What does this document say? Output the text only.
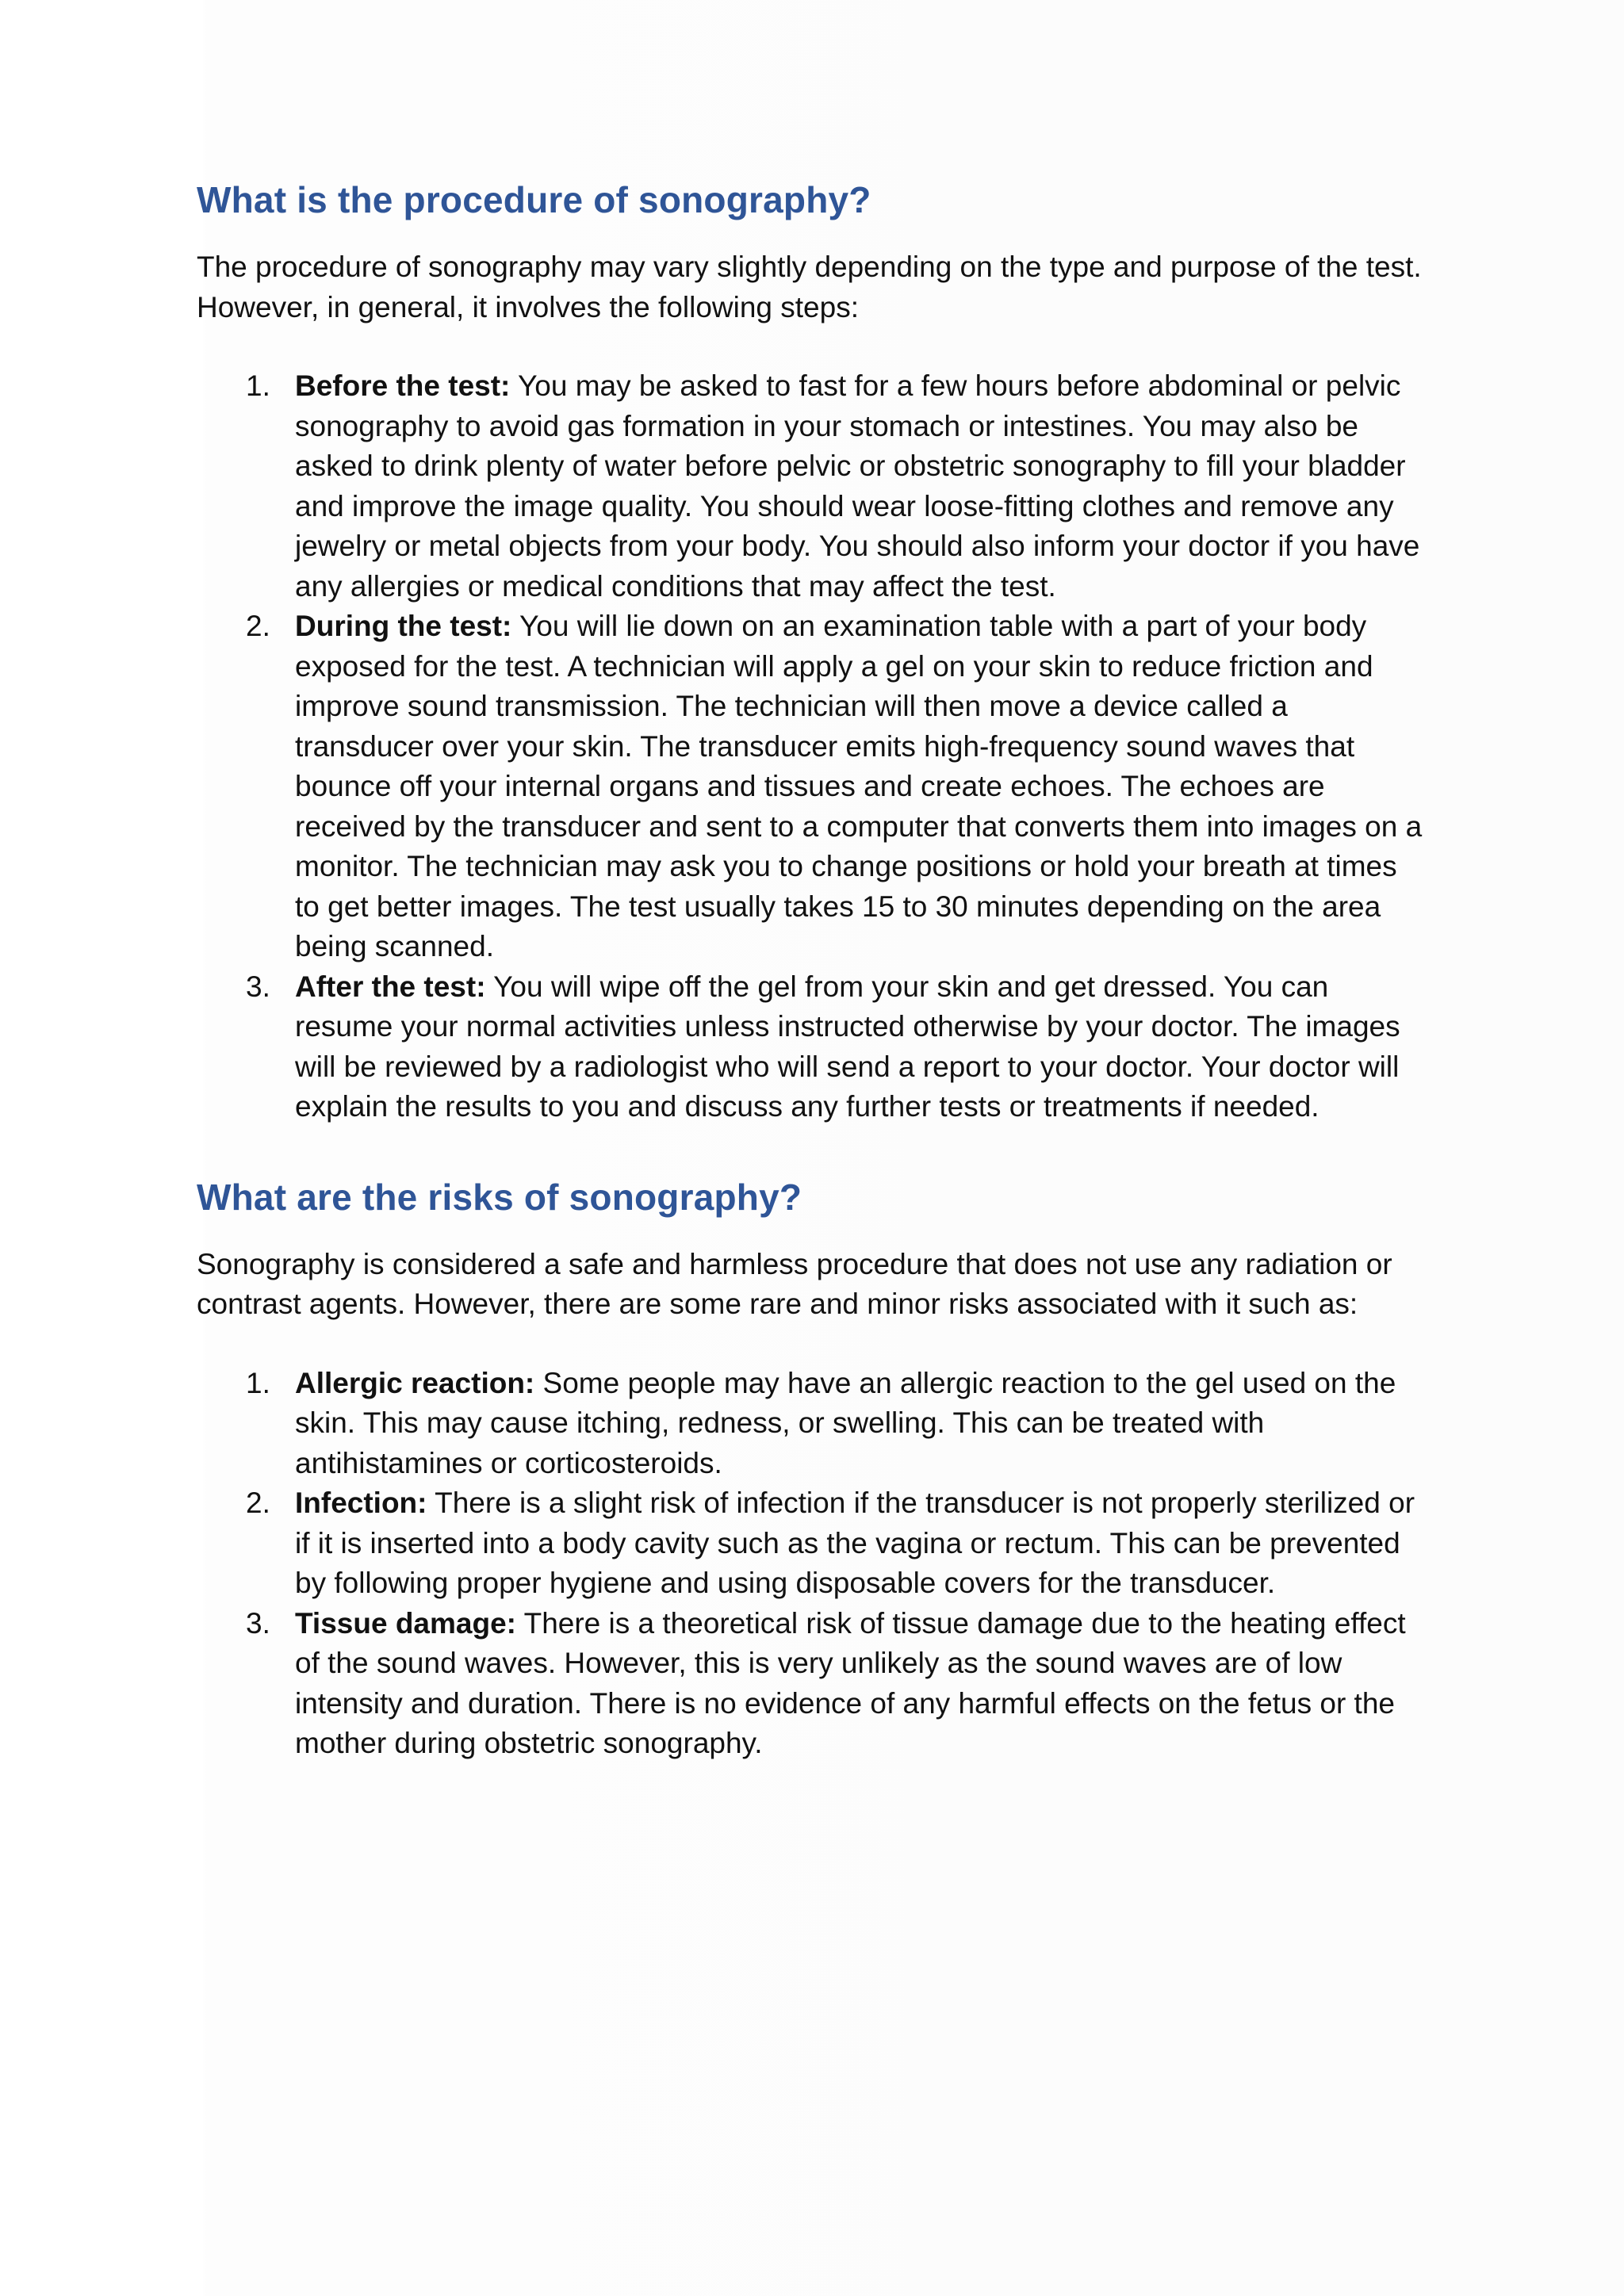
What is the procedure of sonography?

The procedure of sonography may vary slightly depending on the type and purpose of the test. However, in general, it involves the following steps:

1. Before the test: You may be asked to fast for a few hours before abdominal or pelvic sonography to avoid gas formation in your stomach or intestines. You may also be asked to drink plenty of water before pelvic or obstetric sonography to fill your bladder and improve the image quality. You should wear loose-fitting clothes and remove any jewelry or metal objects from your body. You should also inform your doctor if you have any allergies or medical conditions that may affect the test.
2. During the test: You will lie down on an examination table with a part of your body exposed for the test. A technician will apply a gel on your skin to reduce friction and improve sound transmission. The technician will then move a device called a transducer over your skin. The transducer emits high-frequency sound waves that bounce off your internal organs and tissues and create echoes. The echoes are received by the transducer and sent to a computer that converts them into images on a monitor. The technician may ask you to change positions or hold your breath at times to get better images. The test usually takes 15 to 30 minutes depending on the area being scanned.
3. After the test: You will wipe off the gel from your skin and get dressed. You can resume your normal activities unless instructed otherwise by your doctor. The images will be reviewed by a radiologist who will send a report to your doctor. Your doctor will explain the results to you and discuss any further tests or treatments if needed.
What are the risks of sonography?

Sonography is considered a safe and harmless procedure that does not use any radiation or contrast agents. However, there are some rare and minor risks associated with it such as:

1. Allergic reaction: Some people may have an allergic reaction to the gel used on the skin. This may cause itching, redness, or swelling. This can be treated with antihistamines or corticosteroids.
2. Infection: There is a slight risk of infection if the transducer is not properly sterilized or if it is inserted into a body cavity such as the vagina or rectum. This can be prevented by following proper hygiene and using disposable covers for the transducer.
3. Tissue damage: There is a theoretical risk of tissue damage due to the heating effect of the sound waves. However, this is very unlikely as the sound waves are of low intensity and duration. There is no evidence of any harmful effects on the fetus or the mother during obstetric sonography.
